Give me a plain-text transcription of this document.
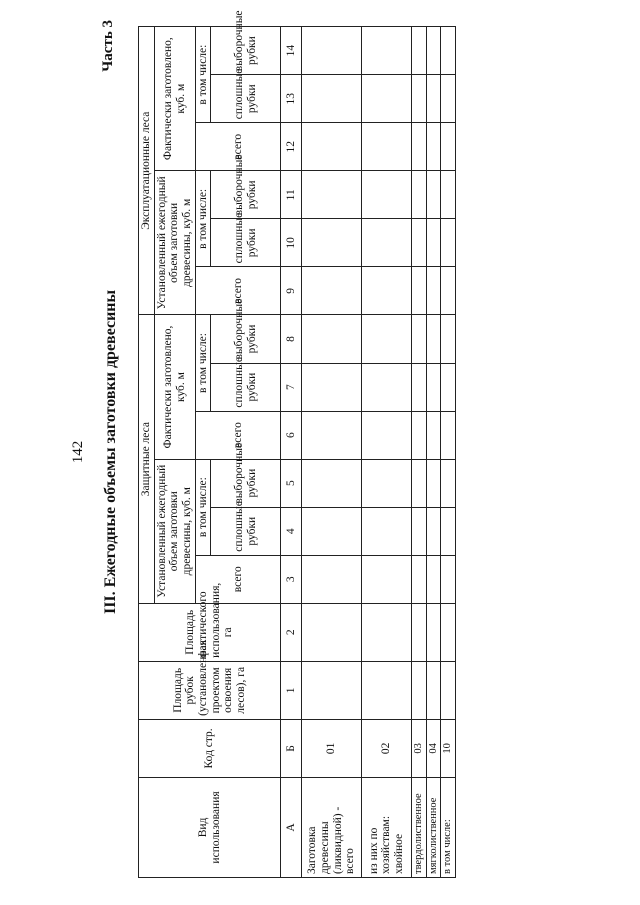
142 III. Ежегодные объемы заготовки древесины
Часть 3
Вид использования	Код стр.	Площадь рубок (установленная проектом освоения лесов), га	Площадь фактического использования, га	Защитные леса						Эксплуатационные леса					
				Установленный ежегодный объем заготовки древесины, куб. м			Фактически заготовлено, куб. м			Установленный ежегодный объем заготовки древесины, куб. м			Фактически заготовлено, куб. м		
				всего	в том числе:		всего	в том числе:		всего	в том числе:		всего	в том числе:	
					сплошные рубки	выборочные рубки		сплошные рубки	выборочные рубки		сплошные рубки	выборочные рубки		сплошные рубки	выборочные рубки
А	Б	1	2	3	4	5	6	7	8	9	10	11	12	13	14
Заготовка древесины (ликвидной) - всего	01														
из них по хозяйствам: хвойное	02														
твердолиственное	03														
мягколиственное	04														
в том числе:	10														
